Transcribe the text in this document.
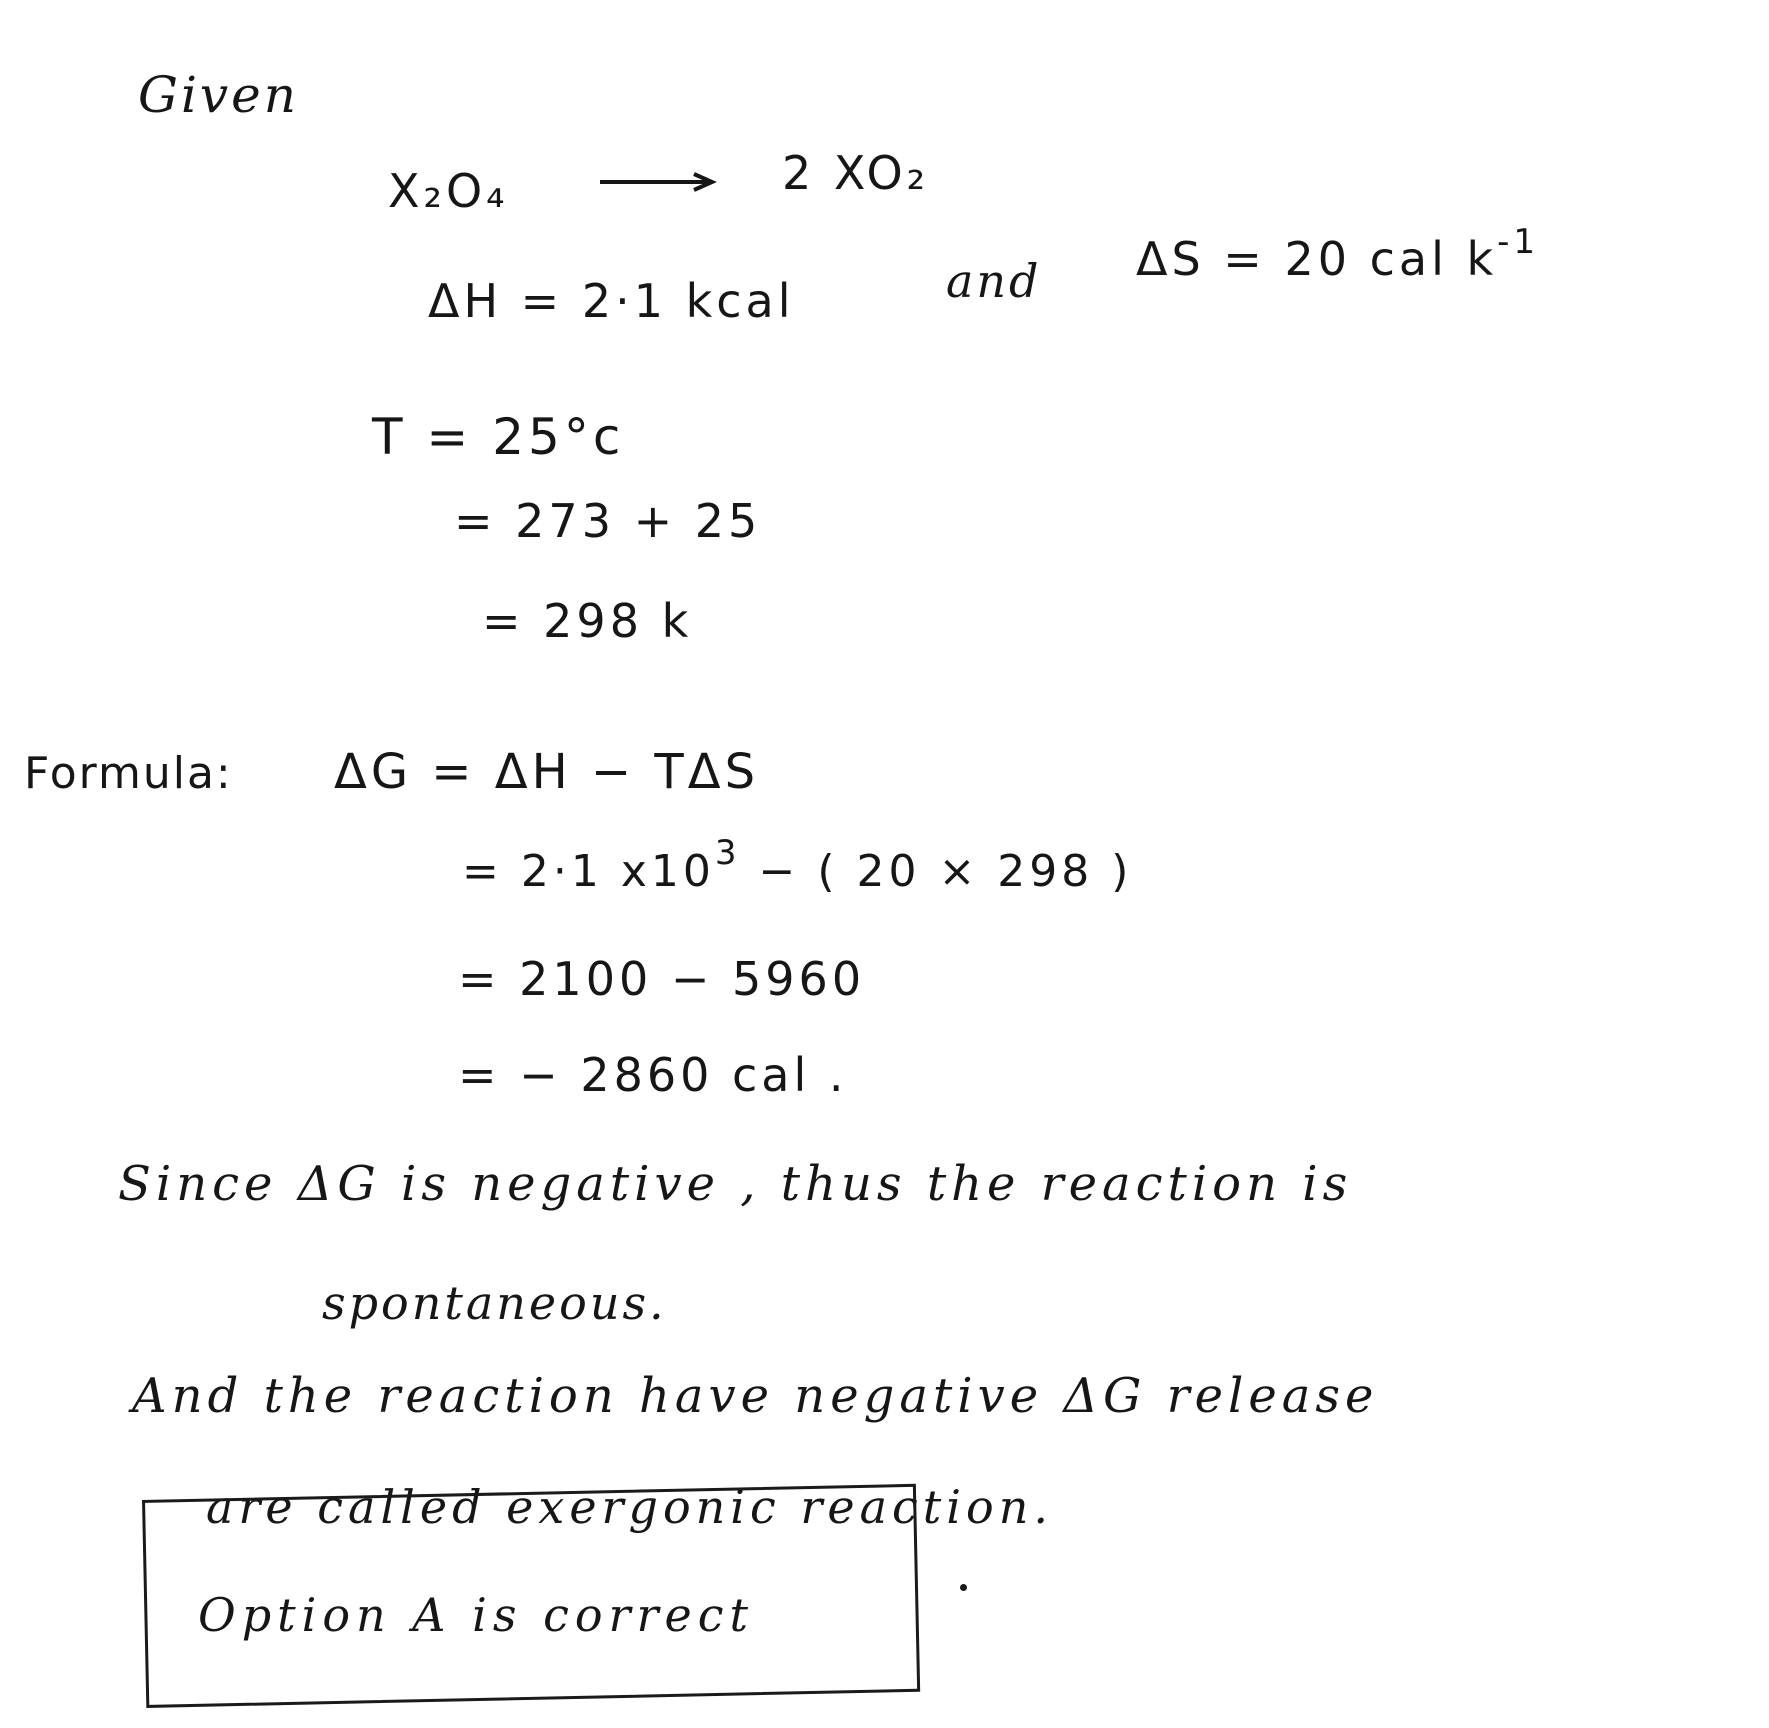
Given
X₂O₄	2 XO₂
ΔH = 2·1 kcal	and ΔS = 20 cal $k^{-1}$
T = 25°c
= 273 + 25
= 298 k
Formula: ΔG = ΔH − TΔS
= 2·1 $x10^3$ − ( 20 × 298 )
= 2100 − 5960
= − 2860 cal .
Since ΔG is negative , thus the reaction is
spontaneous.
And the reaction have negative ΔG release
are called exergonic reaction.
Option A is correct
